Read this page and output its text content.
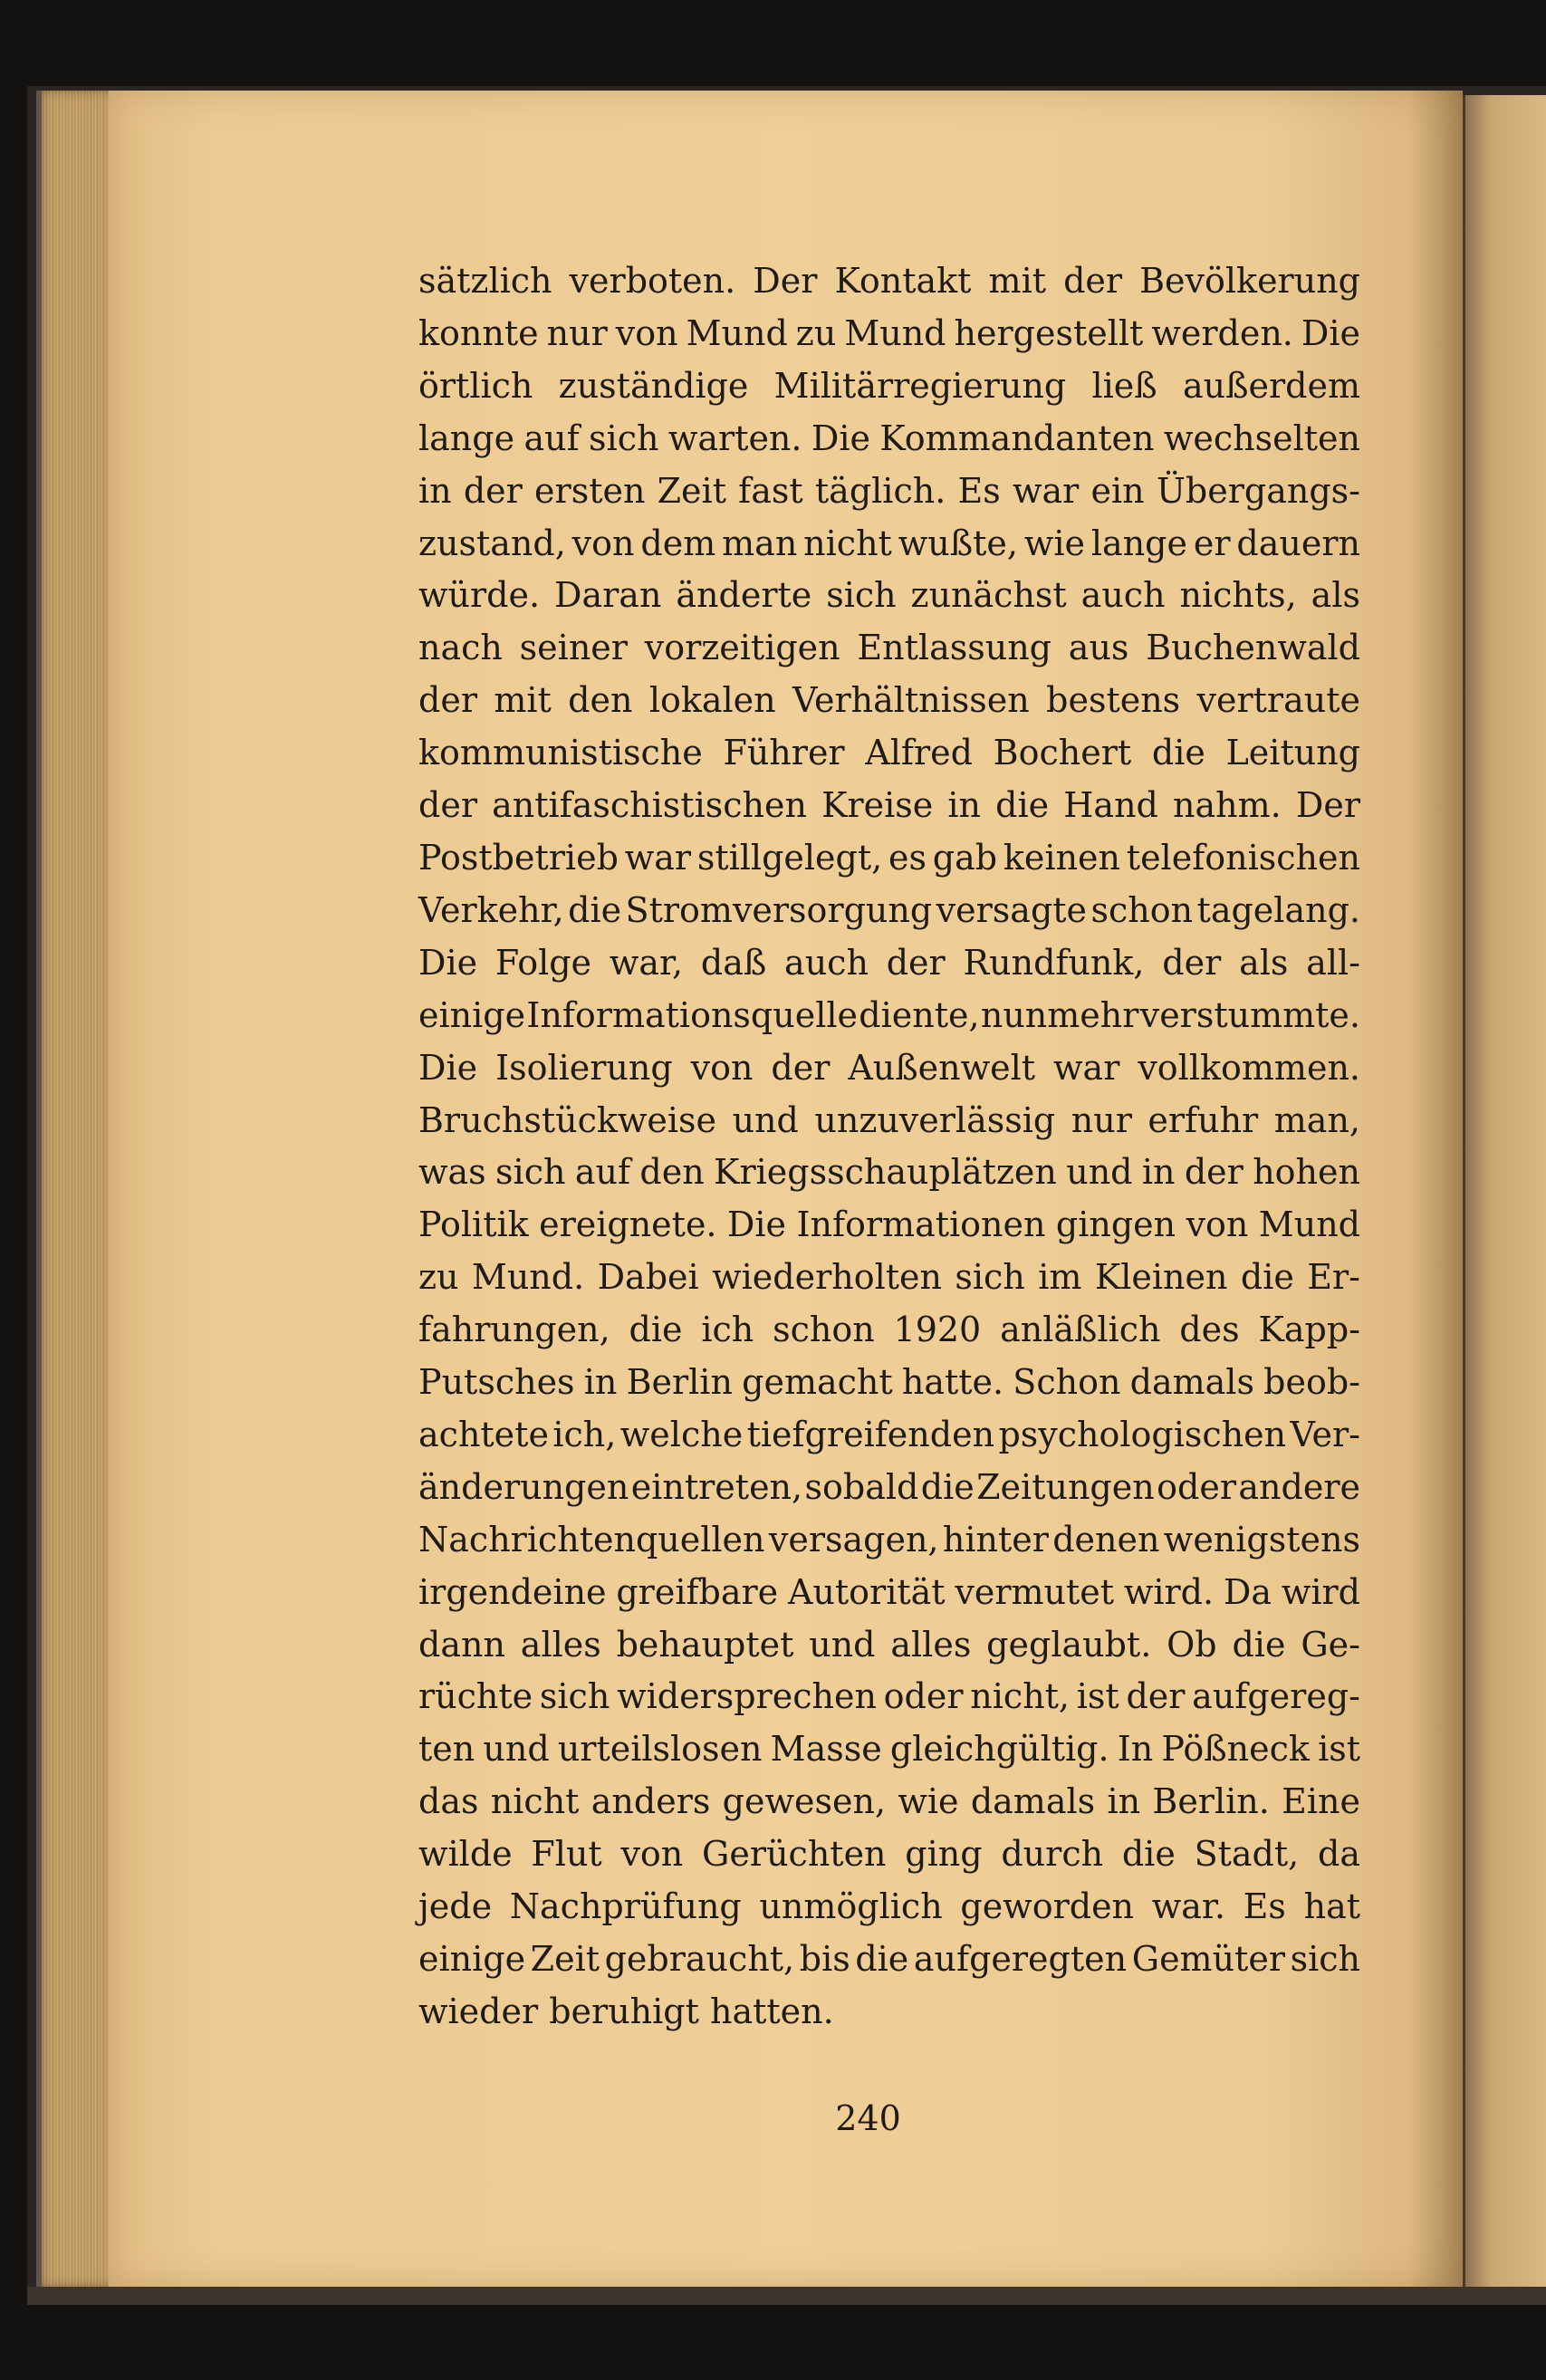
sätzlich verboten. Der Kontakt mit der Bevölkerung
konnte nur von Mund zu Mund hergestellt werden. Die
örtlich zuständige Militärregierung ließ außerdem
lange auf sich warten. Die Kommandanten wechselten
in der ersten Zeit fast täglich. Es war ein Übergangs-
zustand, von dem man nicht wußte, wie lange er dauern
würde. Daran änderte sich zunächst auch nichts, als
nach seiner vorzeitigen Entlassung aus Buchenwald
der mit den lokalen Verhältnissen bestens vertraute
kommunistische Führer Alfred Bochert die Leitung
der antifaschistischen Kreise in die Hand nahm. Der
Postbetrieb war stillgelegt, es gab keinen telefonischen
Verkehr, die Stromversorgung versagte schon tagelang.
Die Folge war, daß auch der Rundfunk, der als all-
einige Informationsquelle diente, nunmehr verstummte.
Die Isolierung von der Außenwelt war vollkommen.
Bruchstückweise und unzuverlässig nur erfuhr man,
was sich auf den Kriegsschauplätzen und in der hohen
Politik ereignete. Die Informationen gingen von Mund
zu Mund. Dabei wiederholten sich im Kleinen die Er-
fahrungen, die ich schon 1920 anläßlich des Kapp-
Putsches in Berlin gemacht hatte. Schon damals beob-
achtete ich, welche tiefgreifenden psychologischen Ver-
änderungen eintreten, sobald die Zeitungen oder andere
Nachrichtenquellen versagen, hinter denen wenigstens
irgendeine greifbare Autorität vermutet wird. Da wird
dann alles behauptet und alles geglaubt. Ob die Ge-
rüchte sich widersprechen oder nicht, ist der aufgereg-
ten und urteilslosen Masse gleichgültig. In Pößneck ist
das nicht anders gewesen, wie damals in Berlin. Eine
wilde Flut von Gerüchten ging durch die Stadt, da
jede Nachprüfung unmöglich geworden war. Es hat
einige Zeit gebraucht, bis die aufgeregten Gemüter sich
wieder beruhigt hatten.
240
